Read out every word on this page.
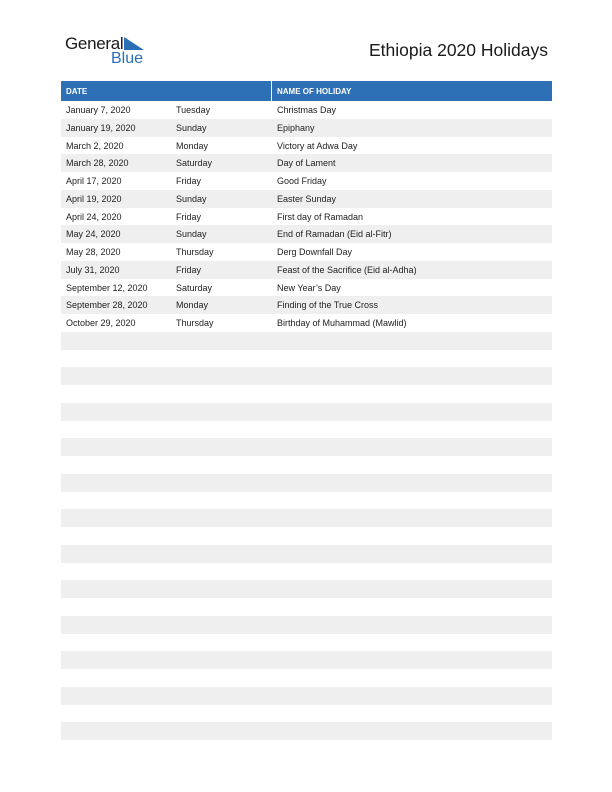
General
Blue	Ethiopia 2020 Holidays
DATE	NAME OF HOLIDAY
January 7, 2020	Tuesday	Christmas Day
January 19, 2020	Sunday	Epiphany
March 2, 2020	Monday	Victory at Adwa Day
March 28, 2020	Saturday	Day of Lament
April 17, 2020	Friday	Good Friday
April 19, 2020	Sunday	Easter Sunday
April 24, 2020	Friday	First day of Ramadan
May 24, 2020	Sunday	End of Ramadan (Eid al-Fitr)
May 28, 2020	Thursday	Derg Downfall Day
July 31, 2020	Friday	Feast of the Sacrifice (Eid al-Adha)
September 12, 2020	Saturday	New Year’s Day
September 28, 2020	Monday	Finding of the True Cross
October 29, 2020	Thursday	Birthday of Muhammad (Mawlid)
